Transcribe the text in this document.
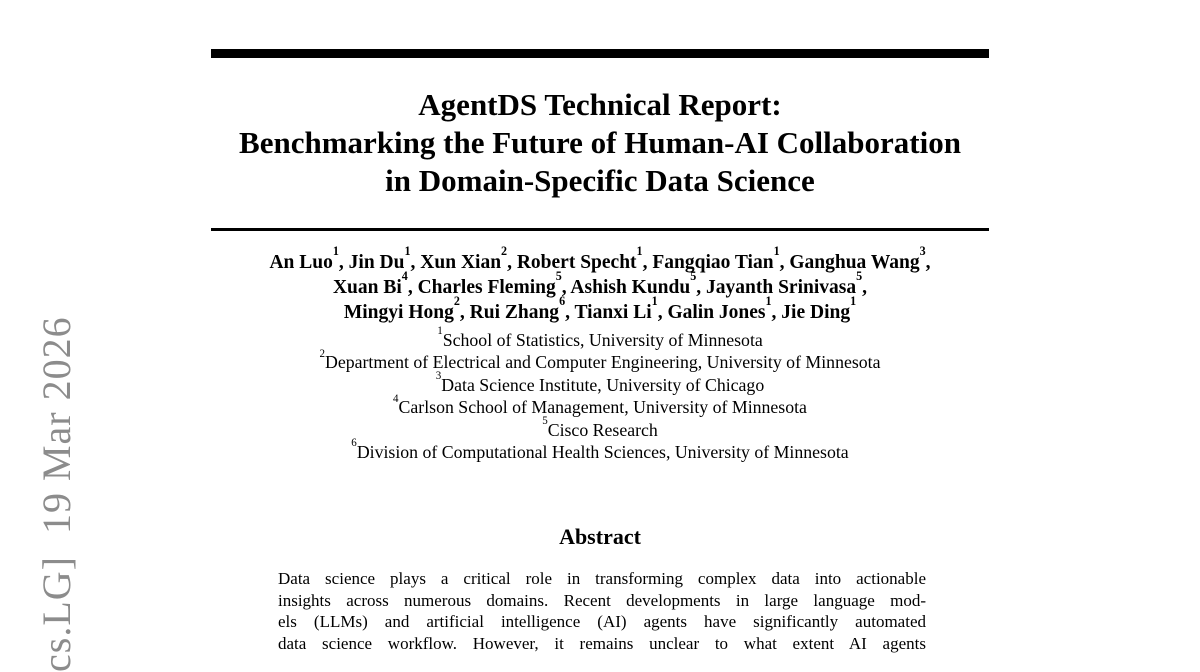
cs.LG]  19 Mar 2026
AgentDS Technical Report:
Benchmarking the Future of Human-AI Collaboration
in Domain-Specific Data Science
An Luo$^1$, Jin Du$^1$, Xun Xian$^2$, Robert Specht$^1$, Fangqiao Tian$^1$, Ganghua Wang$^3$,
Xuan Bi$^4$, Charles Fleming$^5$, Ashish Kundu$^5$, Jayanth Srinivasa$^5$,
Mingyi Hong$^2$, Rui Zhang$^6$, Tianxi Li$^1$, Galin Jones$^1$, Jie Ding$^1$
$^1$School of Statistics, University of Minnesota
$^2$Department of Electrical and Computer Engineering, University of Minnesota
$^3$Data Science Institute, University of Chicago
$^4$Carlson School of Management, University of Minnesota
$^5$Cisco Research
$^6$Division of Computational Health Sciences, University of Minnesota
Abstract
Data science plays a critical role in transforming complex data into actionable
insights across numerous domains. Recent developments in large language mod-
els (LLMs) and artificial intelligence (AI) agents have significantly automated
data science workflow. However, it remains unclear to what extent AI agents
